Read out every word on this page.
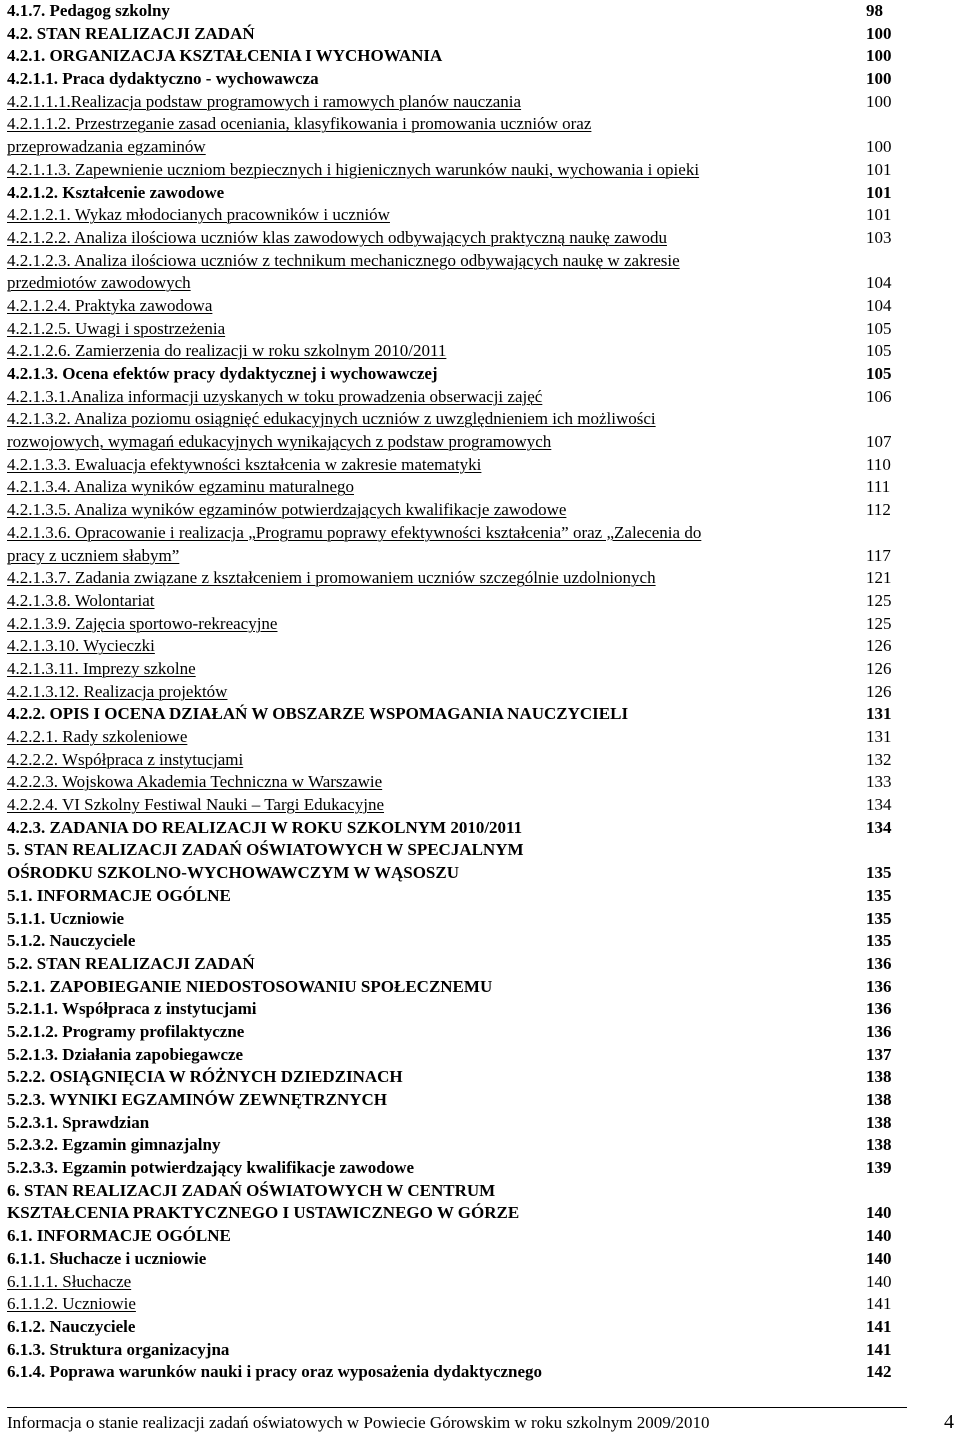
4.1.7. Pedagog szkolny	98
4.2. STAN REALIZACJI ZADAŃ	100
4.2.1. ORGANIZACJA KSZTAŁCENIA I WYCHOWANIA	100
4.2.1.1. Praca dydaktyczno - wychowawcza	100
4.2.1.1.1.Realizacja podstaw programowych i ramowych planów nauczania	100
4.2.1.1.2. Przestrzeganie zasad oceniania, klasyfikowania i promowania uczniów oraz
przeprowadzania egzaminów	100
4.2.1.1.3. Zapewnienie uczniom bezpiecznych i higienicznych warunków nauki, wychowania i opieki	101
4.2.1.2. Kształcenie zawodowe	101
4.2.1.2.1. Wykaz młodocianych pracowników i uczniów	101
4.2.1.2.2. Analiza ilościowa uczniów klas zawodowych odbywających praktyczną naukę zawodu	103
4.2.1.2.3. Analiza ilościowa uczniów z technikum mechanicznego odbywających naukę w zakresie
przedmiotów zawodowych	104
4.2.1.2.4. Praktyka zawodowa	104
4.2.1.2.5. Uwagi i spostrzeżenia	105
4.2.1.2.6. Zamierzenia do realizacji w roku szkolnym 2010/2011	105
4.2.1.3. Ocena efektów pracy dydaktycznej i wychowawczej	105
4.2.1.3.1.Analiza informacji uzyskanych w toku prowadzenia obserwacji zajęć	106
4.2.1.3.2. Analiza poziomu osiągnięć edukacyjnych uczniów z uwzględnieniem ich możliwości
rozwojowych, wymagań edukacyjnych wynikających z podstaw programowych	107
4.2.1.3.3. Ewaluacja efektywności kształcenia w zakresie matematyki	110
4.2.1.3.4. Analiza wyników egzaminu maturalnego	111
4.2.1.3.5. Analiza wyników egzaminów potwierdzających kwalifikacje zawodowe	112
4.2.1.3.6. Opracowanie i realizacja „Programu poprawy efektywności kształcenia” oraz „Zalecenia do
pracy z uczniem słabym”	117
4.2.1.3.7. Zadania związane z kształceniem i promowaniem uczniów szczególnie uzdolnionych	121
4.2.1.3.8. Wolontariat	125
4.2.1.3.9. Zajęcia sportowo-rekreacyjne	125
4.2.1.3.10. Wycieczki	126
4.2.1.3.11. Imprezy szkolne	126
4.2.1.3.12. Realizacja projektów	126
4.2.2. OPIS I OCENA DZIAŁAŃ W OBSZARZE WSPOMAGANIA NAUCZYCIELI	131
4.2.2.1. Rady szkoleniowe	131
4.2.2.2. Współpraca z instytucjami	132
4.2.2.3. Wojskowa Akademia Techniczna w Warszawie	133
4.2.2.4. VI Szkolny Festiwal Nauki – Targi Edukacyjne	134
4.2.3. ZADANIA DO REALIZACJI W ROKU SZKOLNYM 2010/2011	134
5. STAN REALIZACJI ZADAŃ OŚWIATOWYCH W SPECJALNYM
OŚRODKU SZKOLNO-WYCHOWAWCZYM W WĄSOSZU	135
5.1. INFORMACJE OGÓLNE	135
5.1.1. Uczniowie	135
5.1.2. Nauczyciele	135
5.2. STAN REALIZACJI ZADAŃ	136
5.2.1. ZAPOBIEGANIE NIEDOSTOSOWANIU SPOŁECZNEMU	136
5.2.1.1. Współpraca z instytucjami	136
5.2.1.2. Programy profilaktyczne	136
5.2.1.3. Działania zapobiegawcze	137
5.2.2. OSIĄGNIĘCIA W RÓŻNYCH DZIEDZINACH	138
5.2.3. WYNIKI EGZAMINÓW ZEWNĘTRZNYCH	138
5.2.3.1. Sprawdzian	138
5.2.3.2. Egzamin gimnazjalny	138
5.2.3.3. Egzamin potwierdzający kwalifikacje zawodowe	139
6. STAN REALIZACJI ZADAŃ OŚWIATOWYCH W CENTRUM
KSZTAŁCENIA PRAKTYCZNEGO I USTAWICZNEGO W GÓRZE	140
6.1. INFORMACJE OGÓLNE	140
6.1.1. Słuchacze i uczniowie	140
6.1.1.1. Słuchacze	140
6.1.1.2. Uczniowie	141
6.1.2. Nauczyciele	141
6.1.3. Struktura organizacyjna	141
6.1.4. Poprawa warunków nauki i pracy oraz wyposażenia dydaktycznego	142
Informacja o stanie realizacji zadań oświatowych w Powiecie Górowskim w roku szkolnym 2009/2010	4
